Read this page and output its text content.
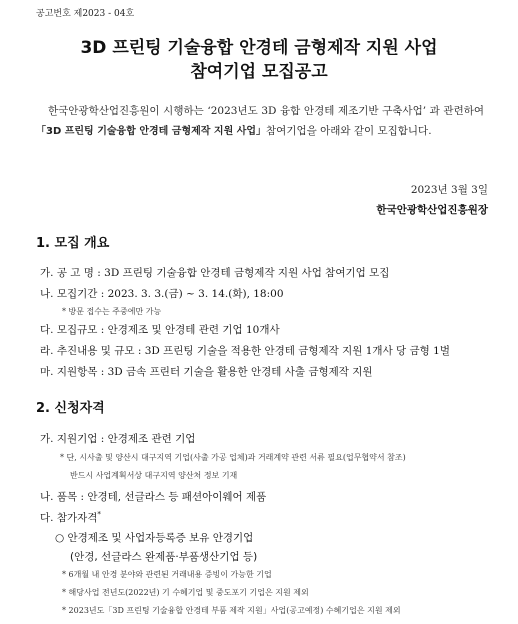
공고번호 제2023 - 04호
3D 프린팅 기술융합 안경테 금형제작 지원 사업
참여기업 모집공고
한국안광학산업진흥원이 시행하는 ‘2023년도 3D 융합 안경테 제조기반 구축사업’ 과 관련하여 「3D 프린팅 기술융합 안경테 금형제작 지원 사업」참여기업을 아래와 같이 모집합니다.
2023년 3월 3일
한국안광학산업진흥원장
1. 모집 개요
가. 공 고 명 : 3D 프린팅 기술융합 안경테 금형제작 지원 사업 참여기업 모집
나. 모집기간 : 2023. 3. 3.(금) ~ 3. 14.(화), 18:00
* 방문 접수는 주중에만 가능
다. 모집규모 : 안경제조 및 안경테 관련 기업 10개사
라. 추진내용 및 규모 : 3D 프린팅 기술을 적용한 안경테 금형제작 지원 1개사 당 금형 1벌
마. 지원항목 : 3D 금속 프린터 기술을 활용한 안경테 사출 금형제작 지원
2. 신청자격
가. 지원기업 : 안경제조 관련 기업
* 단, 시사출 및 양산시 대구지역 기업(사출 가공 업체)과 거래계약 관련 서류 필요(업무협약서 참조)
반드시 사업계획서상 대구지역 양산처 정보 기재
나. 품목 : 안경테, 선글라스 등 패션아이웨어 제품
다. 참가자격*
○ 안경제조 및 사업자등록증 보유 안경기업
(안경, 선글라스 완제품·부품생산기업 등)
* 6개월 내 안경 분야와 관련된 거래내용 증빙이 가능한 기업
* 해당사업 전년도(2022년) 기 수혜기업 및 중도포기 기업은 지원 제외
* 2023년도「3D 프린팅 기술융합 안경테 부품 제작 지원」사업(공고예정) 수혜기업은 지원 제외
